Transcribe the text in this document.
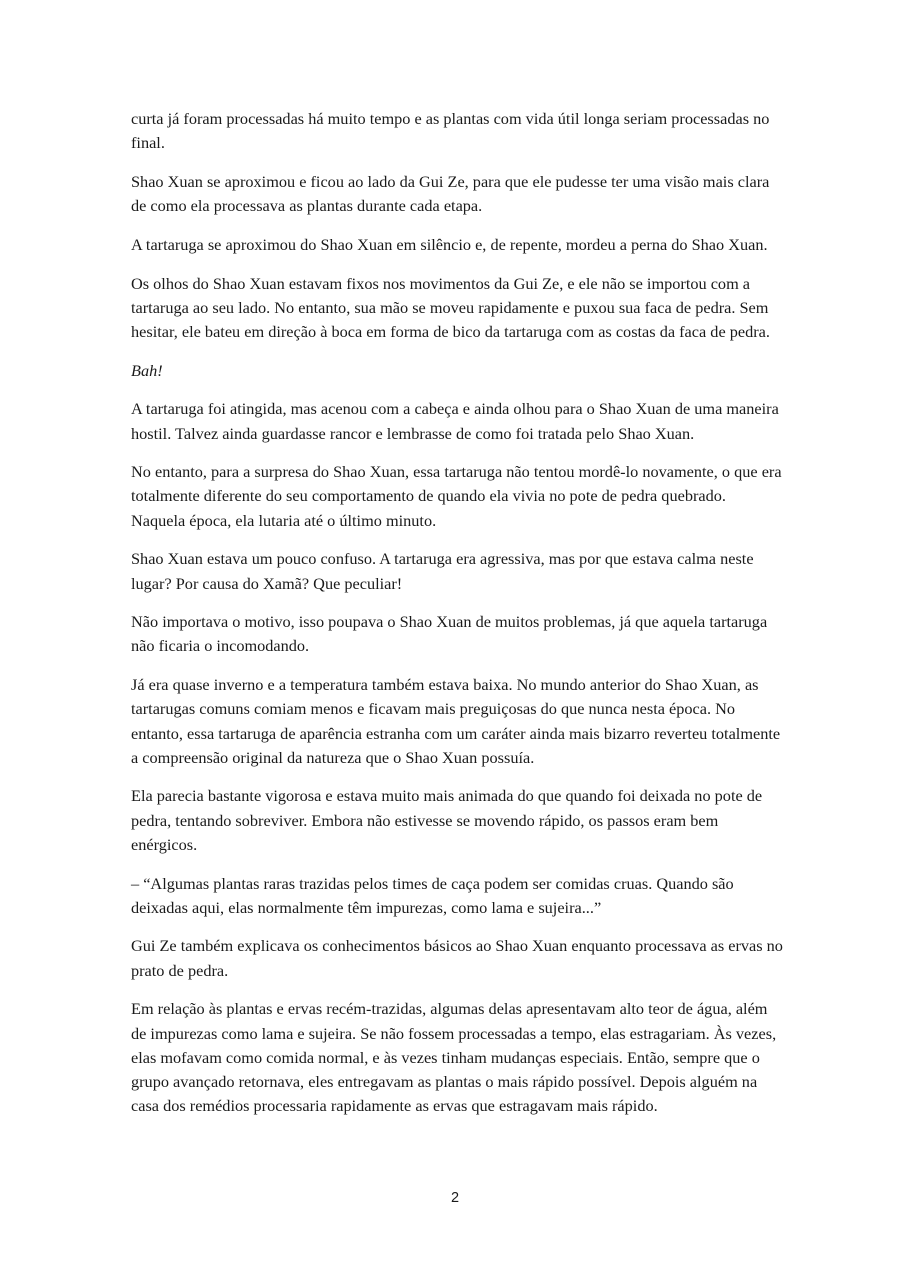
curta já foram processadas há muito tempo e as plantas com vida útil longa seriam processadas no final.

Shao Xuan se aproximou e ficou ao lado da Gui Ze, para que ele pudesse ter uma visão mais clara de como ela processava as plantas durante cada etapa.

A tartaruga se aproximou do Shao Xuan em silêncio e, de repente, mordeu a perna do Shao Xuan.

Os olhos do Shao Xuan estavam fixos nos movimentos da Gui Ze, e ele não se importou com a tartaruga ao seu lado. No entanto, sua mão se moveu rapidamente e puxou sua faca de pedra. Sem hesitar, ele bateu em direção à boca em forma de bico da tartaruga com as costas da faca de pedra.

Bah!

A tartaruga foi atingida, mas acenou com a cabeça e ainda olhou para o Shao Xuan de uma maneira hostil. Talvez ainda guardasse rancor e lembrasse de como foi tratada pelo Shao Xuan.

No entanto, para a surpresa do Shao Xuan, essa tartaruga não tentou mordê-lo novamente, o que era totalmente diferente do seu comportamento de quando ela vivia no pote de pedra quebrado. Naquela época, ela lutaria até o último minuto.

Shao Xuan estava um pouco confuso. A tartaruga era agressiva, mas por que estava calma neste lugar? Por causa do Xamã? Que peculiar!

Não importava o motivo, isso poupava o Shao Xuan de muitos problemas, já que aquela tartaruga não ficaria o incomodando.

Já era quase inverno e a temperatura também estava baixa. No mundo anterior do Shao Xuan, as tartarugas comuns comiam menos e ficavam mais preguiçosas do que nunca nesta época. No entanto, essa tartaruga de aparência estranha com um caráter ainda mais bizarro reverteu totalmente a compreensão original da natureza que o Shao Xuan possuía.

Ela parecia bastante vigorosa e estava muito mais animada do que quando foi deixada no pote de pedra, tentando sobreviver. Embora não estivesse se movendo rápido, os passos eram bem enérgicos.

– “Algumas plantas raras trazidas pelos times de caça podem ser comidas cruas. Quando são deixadas aqui, elas normalmente têm impurezas, como lama e sujeira...”

Gui Ze também explicava os conhecimentos básicos ao Shao Xuan enquanto processava as ervas no prato de pedra.

Em relação às plantas e ervas recém-trazidas, algumas delas apresentavam alto teor de água, além de impurezas como lama e sujeira. Se não fossem processadas a tempo, elas estragariam. Às vezes, elas mofavam como comida normal, e às vezes tinham mudanças especiais. Então, sempre que o grupo avançado retornava, eles entregavam as plantas o mais rápido possível. Depois alguém na casa dos remédios processaria rapidamente as ervas que estragavam mais rápido.

2
